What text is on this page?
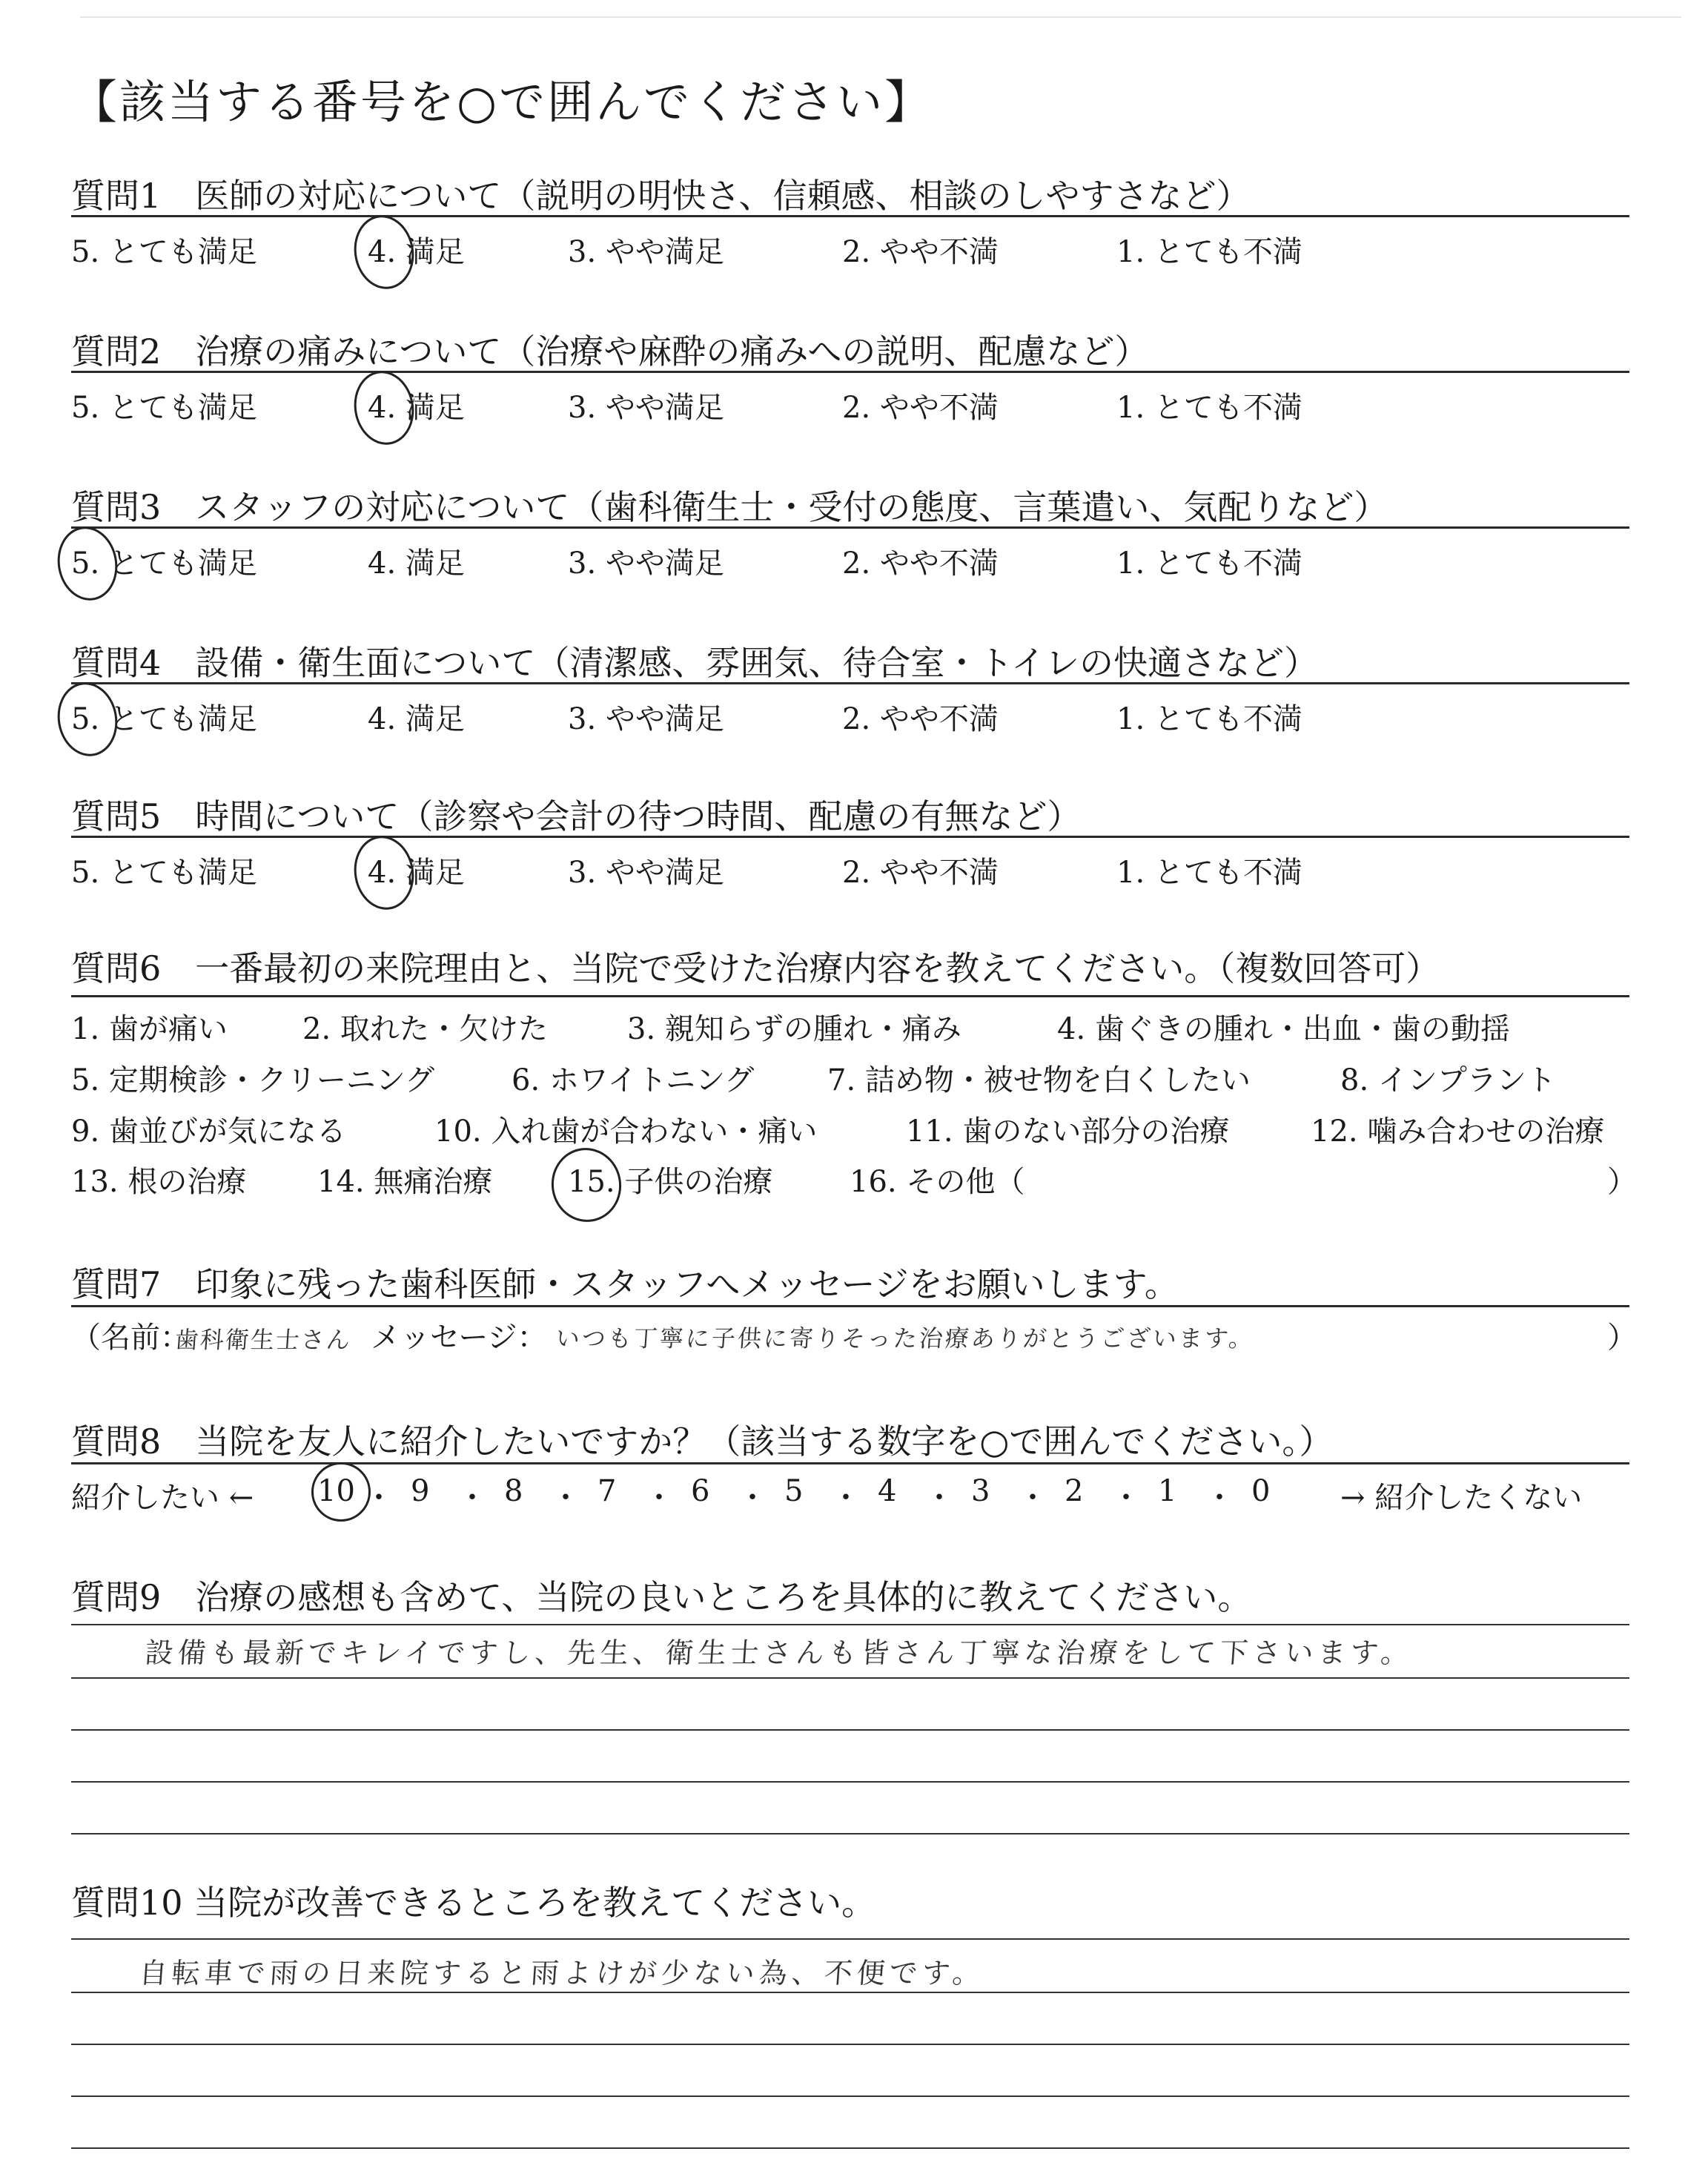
【該当する番号を○で囲んでください】
質問1　医師の対応について（説明の明快さ、信頼感、相談のしやすさなど）
5. とても満足	4. 満足	3. やや満足	2. やや不満	1. とても不満
質問2　治療の痛みについて（治療や麻酔の痛みへの説明、配慮など）
5. とても満足	4. 満足	3. やや満足	2. やや不満	1. とても不満
質問3　スタッフの対応について（歯科衛生士・受付の態度、言葉遣い、気配りなど）
5. とても満足	4. 満足	3. やや満足	2. やや不満	1. とても不満
質問4　設備・衛生面について（清潔感、雰囲気、待合室・トイレの快適さなど）
5. とても満足	4. 満足	3. やや満足	2. やや不満	1. とても不満
質問5　時間について（診察や会計の待つ時間、配慮の有無など）
5. とても満足	4. 満足	3. やや満足	2. やや不満	1. とても不満
質問6　一番最初の来院理由と、当院で受けた治療内容を教えてください。（複数回答可）
1. 歯が痛い	2. 取れた・欠けた	3. 親知らずの腫れ・痛み	4. 歯ぐきの腫れ・出血・歯の動揺
5. 定期検診・クリーニング	6. ホワイトニング 7. 詰め物・被せ物を白くしたい	8. インプラント
9. 歯並びが気になる	10. 入れ歯が合わない・痛い	11. 歯のない部分の治療	12. 噛み合わせの治療
13. 根の治療 14. 無痛治療	15. 子供の治療	16. その他（	）
質問7　印象に残った歯科医師・スタッフへメッセージをお願いします。
（名前：
歯科衛生士さん メッセージ： いつも丁寧に子供に寄りそった治療ありがとうございます。	）
質問8　当院を友人に紹介したいですか？（該当する数字を○で囲んでください。）
紹介したい ← 10 ・ 9 ・ 8 ・ 7 ・ 6 ・ 5 ・ 4 ・ 3 ・ 2 ・ 1 ・ 0 → 紹介したくない
質問9　治療の感想も含めて、当院の良いところを具体的に教えてください。
設備も最新でキレイですし、先生、衛生士さんも皆さん丁寧な治療をして下さいます。
質問10 当院が改善できるところを教えてください。
自転車で雨の日来院すると雨よけが少ない為、不便です。
